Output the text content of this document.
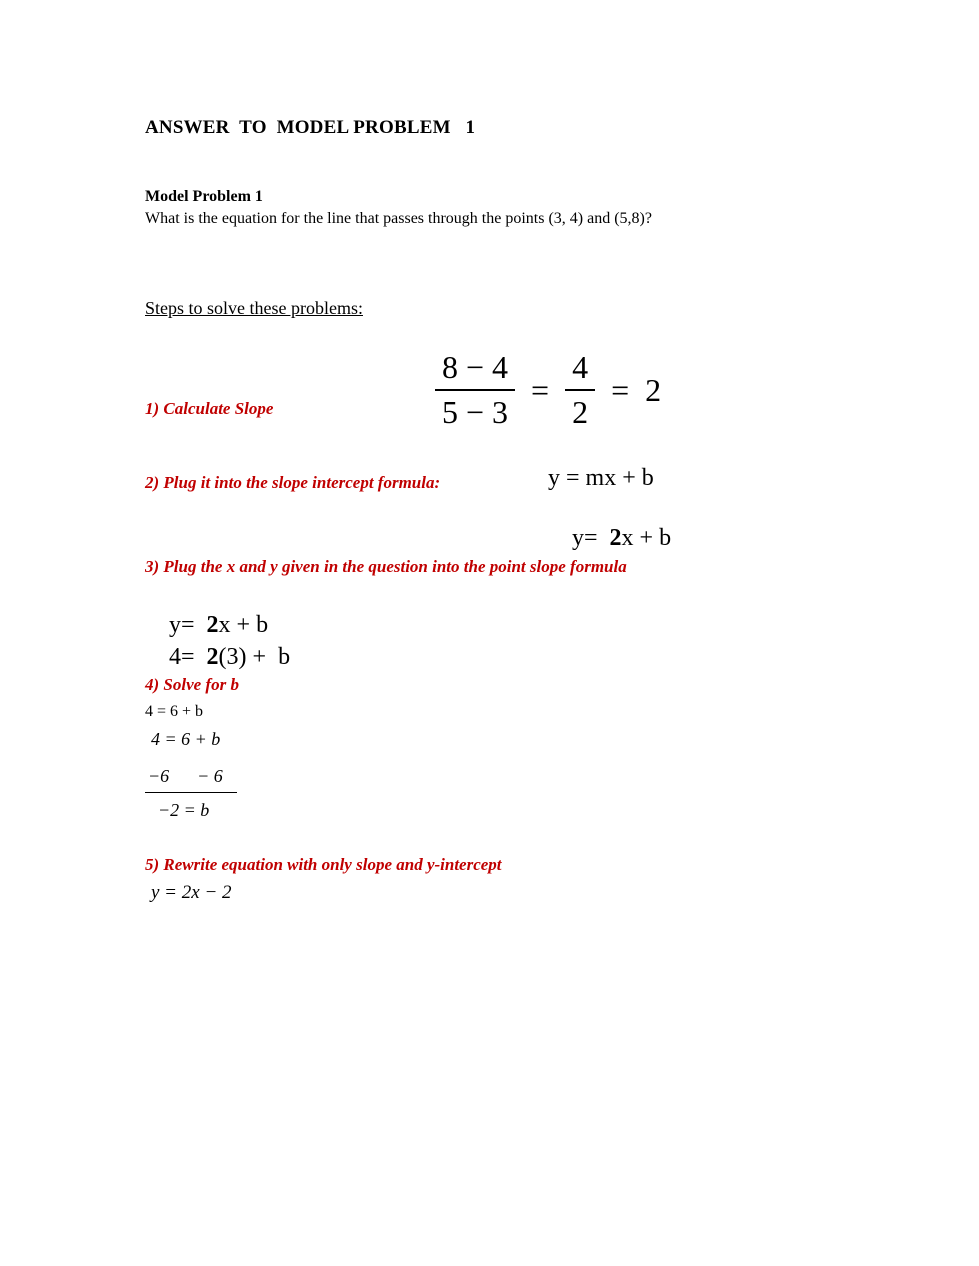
ANSWER  TO  MODEL PROBLEM   1
Model Problem 1
What is the equation for the line that passes through the points (3, 4) and (5,8)?
Steps to solve these problems:
1) Calculate Slope	$\frac{8 - 4}{5 - 3} = \frac{4}{2} = 2$
2) Plug it into the slope intercept formula:	y = mx + b

y=  2x + b

3) Plug the x and y given in the question into the point slope formula

y=  2x + b

4=  2(3) +  b

4) Solve for b
4 = 6 + b
4 = 6 + b
−6 − 6
−2 = b
5) Rewrite equation with only slope and y-intercept
y = 2x − 2
